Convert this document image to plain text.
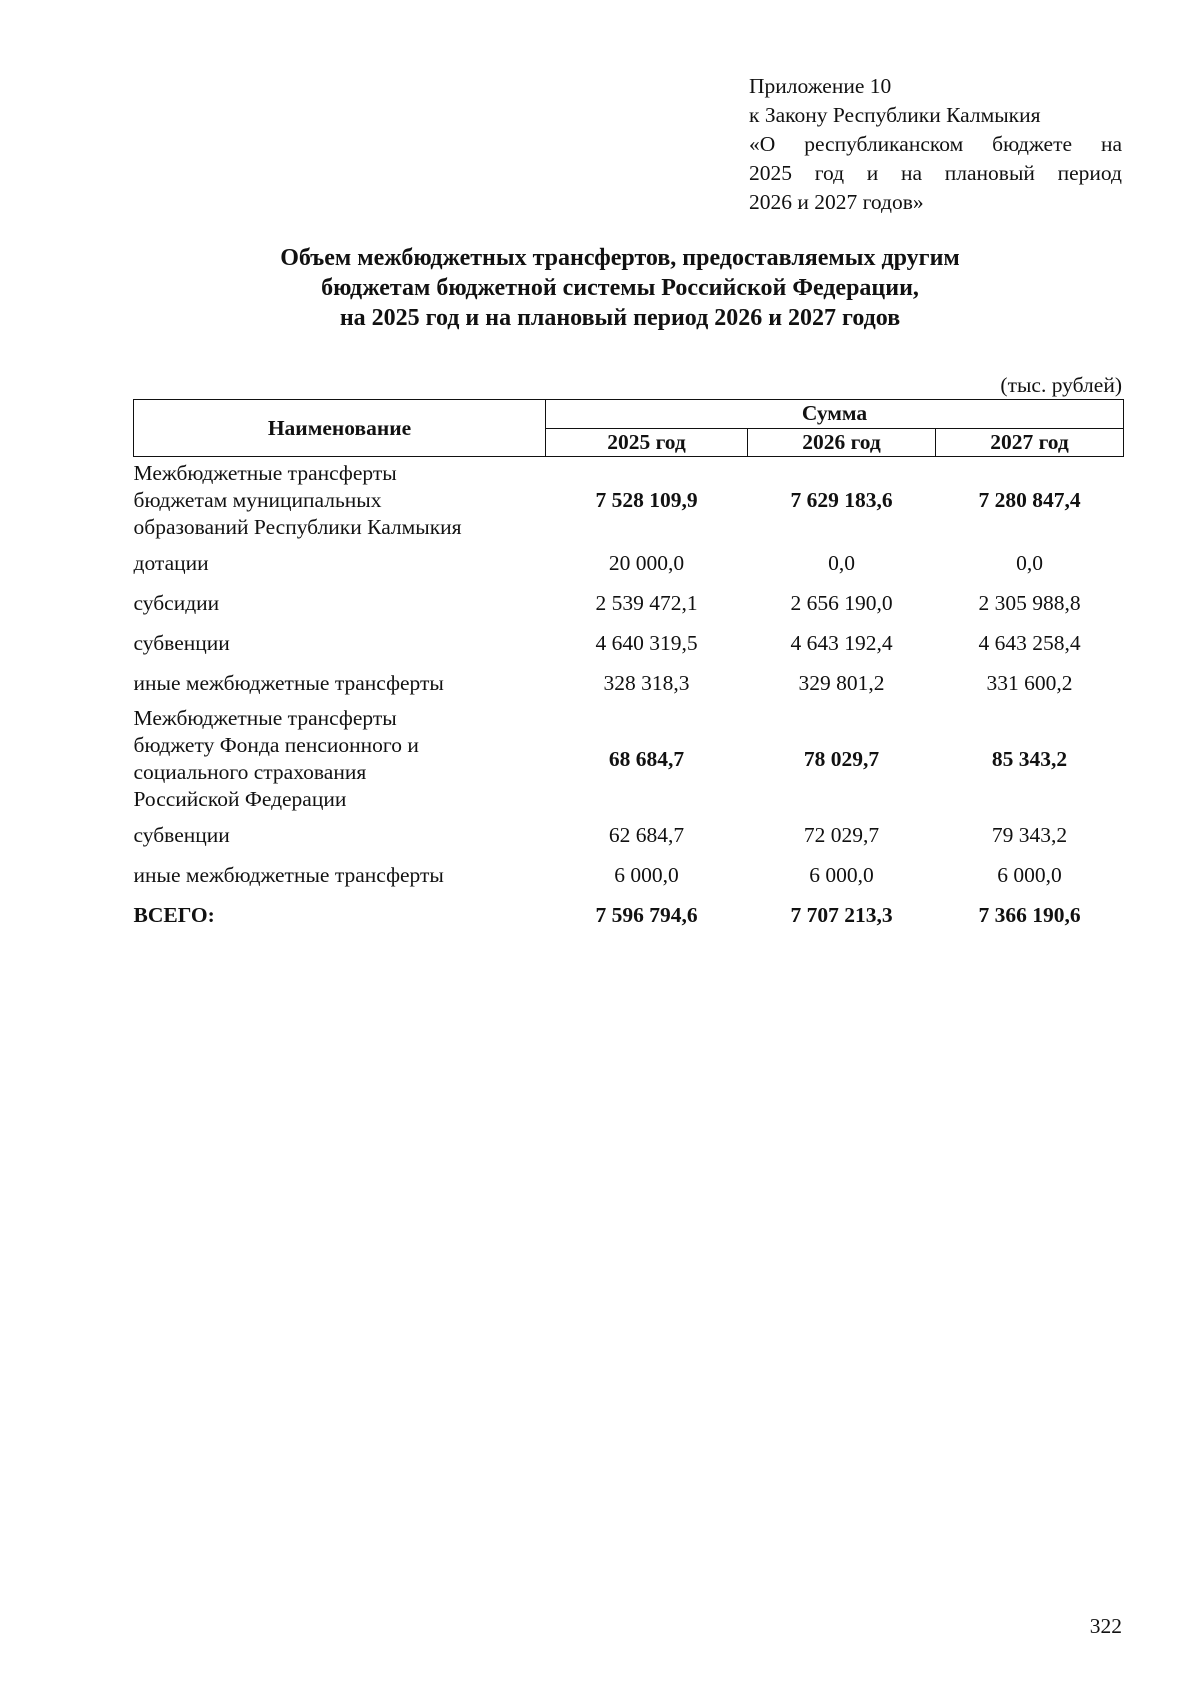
Приложение 10
к Закону Республики Калмыкия
«О республиканском бюджете на
2025 год и на плановый период
2026 и 2027 годов»
Объем межбюджетных трансфертов, предоставляемых другим
бюджетам бюджетной системы Российской Федерации,
на 2025 год и на плановый период 2026 и 2027 годов
(тыс. рублей)
Наименование	Сумма		
	2025 год	2026 год	2027 год

Межбюджетные трансферты
бюджетам муниципальных
образований Республики Калмыкия	7 528 109,9	7 629 183,6	7 280 847,4
дотации	20 000,0	0,0	0,0
субсидии	2 539 472,1	2 656 190,0	2 305 988,8
субвенции	4 640 319,5	4 643 192,4	4 643 258,4
иные межбюджетные трансферты	328 318,3	329 801,2	331 600,2

Межбюджетные трансферты
бюджету Фонда пенсионного и
социального страхования
Российской Федерации	68 684,7	78 029,7	85 343,2
субвенции	62 684,7	72 029,7	79 343,2
иные межбюджетные трансферты	6 000,0	6 000,0	6 000,0
ВСЕГО:	7 596 794,6	7 707 213,3	7 366 190,6
322
